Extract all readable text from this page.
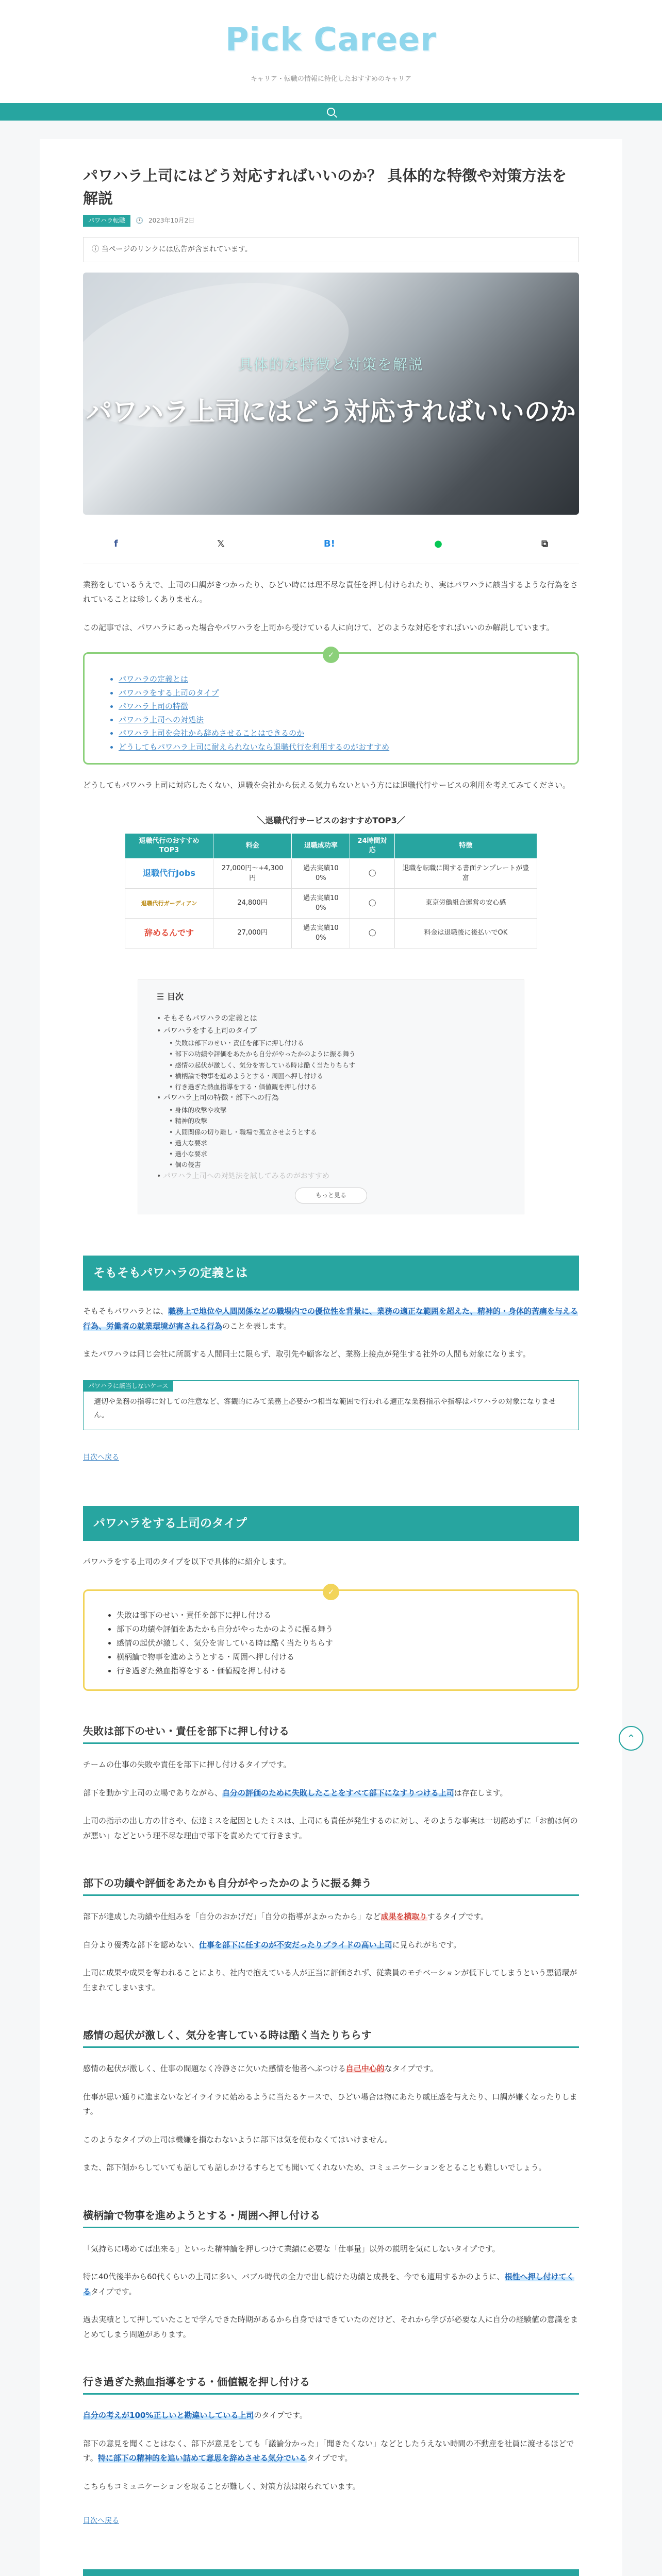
Pick Career
キャリア・転職の情報に特化したおすすめのキャリア
パワハラ上司にはどう対応すればいいのか？ 具体的な特徴や対策方法を解説
パワハラ転職	🕐 2023年10月2日
ⓘ 当ページのリンクには広告が含まれています。
具体的な特徴と対策を解説
パワハラ上司にはどう対応すればいいのか
f	𝕏	B!	●	⧉

業務をしているうえで、上司の口調がきつかったり、ひどい時には理不尽な責任を押し付けられたり、実はパワハラに該当するような行為をされていることは珍しくありません。

この記事では、パワハラにあった場合やパワハラを上司から受けている人に向けて、どのような対応をすればいいのか解説しています。

✓
• パワハラの定義とは
• パワハラをする上司のタイプ
• パワハラ上司の特徴
• パワハラ上司への対処法
• パワハラ上司を会社から辞めさせることはできるのか
• どうしてもパワハラ上司に耐えられないなら退職代行を利用するのがおすすめ

どうしてもパワハラ上司に対応したくない、退職を会社から伝える気力もないという方には退職代行サービスの利用を考えてみてください。

＼退職代行サービスのおすすめTOP3／
退職代行のおすすめTOP3	料金	退職成功率	24時間対応	特徴
退職代行Jobs	27,000円〜+4,300円	過去実績10 0%	◯	退職を転職に関する書面テンプレートが豊富
退職代行ガーディアン	24,800円	過去実績10 0%	◯	東京労働組合運営の安心感
辞めるんです	27,000円	過去実績10 0%	◯	料金は退職後に後払いでOK
☰ 目次
• そもそもパワハラの定義とは
• パワハラをする上司のタイプ
• 失敗は部下のせい・責任を部下に押し付ける
• 部下の功績や評価をあたかも自分がやったかのように振る舞う
• 感情の起伏が激しく、気分を害している時は酷く当たりちらす
• 横柄論で物事を進めようとする・周囲へ押し付ける
• 行き過ぎた熱血指導をする・価値観を押し付ける
• パワハラ上司の特徴・部下への行為
• 身体的攻撃や攻撃
• 精神的攻撃
• 人間関係の切り離し・職場で孤立させようとする
• 過大な要求
• 過小な要求
• 個の侵害
• パワハラ上司への対処法を試してみるのがおすすめ
もっと見る
そもそもパワハラの定義とは

そもそもパワハラとは、職務上で地位や人間関係などの職場内での優位性を背景に、業務の適正な範囲を超えた、精神的・身体的苦痛を与える行為、労働者の就業環境が害される行為のことを表します。

またパワハラは同じ会社に所属する人間同士に限らず、取引先や顧客など、業務上接点が発生する社外の人間も対象になります。

パワハラに該当しないケース

適切や業務の指導に対しての注意など、客観的にみて業務上必要かつ相当な範囲で行われる適正な業務指示や指導はパワハラの対象になりません。

目次へ戻る
パワハラをする上司のタイプ

パワハラをする上司のタイプを以下で具体的に紹介します。

✓
• 失敗は部下のせい・責任を部下に押し付ける
• 部下の功績や評価をあたかも自分がやったかのように振る舞う
• 感情の起伏が激しく、気分を害している時は酷く当たりちらす
• 横柄論で物事を進めようとする・周囲へ押し付ける
• 行き過ぎた熱血指導をする・価値観を押し付ける
失敗は部下のせい・責任を部下に押し付ける

チームの仕事の失敗や責任を部下に押し付けるタイプです。

部下を動かす上司の立場でありながら、自分の評価のために失敗したことをすべて部下になすりつける上司は存在します。

上司の指示の出し方の甘さや、伝達ミスを起因としたミスは、上司にも責任が発生するのに対し、そのような事実は一切認めずに「お前は何のが悪い」などという理不尽な理由で部下を責めたてて行きます。

部下の功績や評価をあたかも自分がやったかのように振る舞う

部下が達成した功績や仕組みを「自分のおかげだ」「自分の指導がよかったから」など成果を横取りするタイプです。

自分より優秀な部下を認めない、仕事を部下に任すのが不安だったりプライドの高い上司に見られがちです。

上司に成果や成果を奪われることにより、社内で抱えている人が正当に評価されず、従業員のモチベーションが低下してしまうという悪循環が生まれてしまいます。

感情の起伏が激しく、気分を害している時は酷く当たりちらす

感情の起伏が激しく、仕事の間題なく冷静さに欠いた感情を他者へぶつける自己中心的なタイプです。

仕事が思い通りに進まないなどイライラに始めるように当たるケースで、ひどい場合は物にあたり威圧感を与えたり、口調が嫌くなったりします。

このようなタイプの上司は機嫌を損なわないように部下は気を使わなくてはいけません。

また、部下側からしていても話しても話しかけるすらとても聞いてくれないため、コミュニケーションをとることも難しいでしょう。

横柄論で物事を進めようとする・周囲へ押し付ける

「気持ちに喝めてば出来る」といった精神論を押しつけて業績に必要な「仕事量」以外の説明を気にしないタイプです。

特に40代後半から60代くらいの上司に多い、バブル時代の全力で出し続けた功績と成長を、今でも適用するかのように、根性へ押し付けてくるタイプです。

過去実績として押していたことで学んできた時期があるから自身ではできていたのだけど、それから学びが必要な人に自分の経験値の意識をまとめてしまう問題があります。

行き過ぎた熱血指導をする・価値観を押し付ける

自分の考えが100%正しいと勘違いしている上司のタイプです。

部下の意見を聞くことはなく、部下が意見をしても「議論分かった」「聞きたくない」などとしたうえない時間の不動産を社員に渡せるほどです。特に部下の精神的を追い詰めて意思を辞めさせる気分でいるタイプです。

こちらもコミュニケーションを取ることが難しく、対策方法は限られています。

目次へ戻る

⌃
